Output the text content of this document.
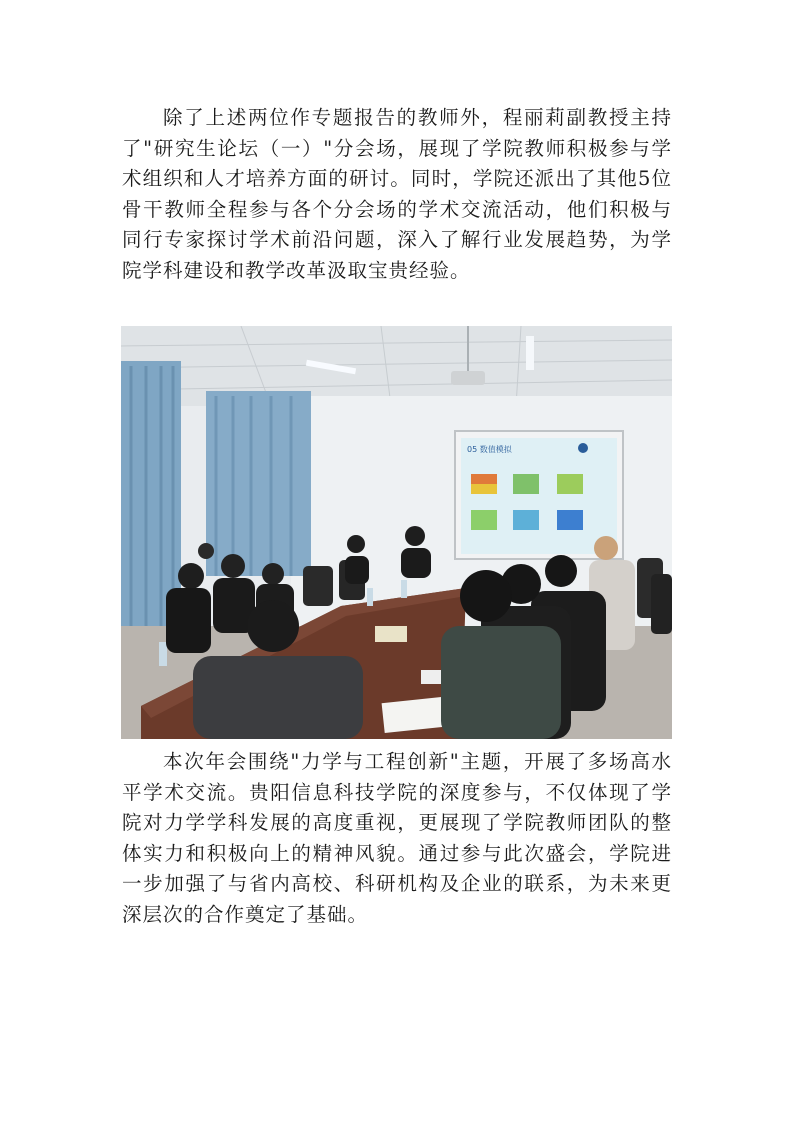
除了上述两位作专题报告的教师外，程丽莉副教授主持了"研究生论坛（一）"分会场，展现了学院教师积极参与学术组织和人才培养方面的研讨。同时，学院还派出了其他5位骨干教师全程参与各个分会场的学术交流活动，他们积极与同行专家探讨学术前沿问题，深入了解行业发展趋势，为学院学科建设和教学改革汲取宝贵经验。

05 数值模拟

本次年会围绕"力学与工程创新"主题，开展了多场高水平学术交流。贵阳信息科技学院的深度参与，不仅体现了学院对力学学科发展的高度重视，更展现了学院教师团队的整体实力和积极向上的精神风貌。通过参与此次盛会，学院进一步加强了与省内高校、科研机构及企业的联系，为未来更深层次的合作奠定了基础。
